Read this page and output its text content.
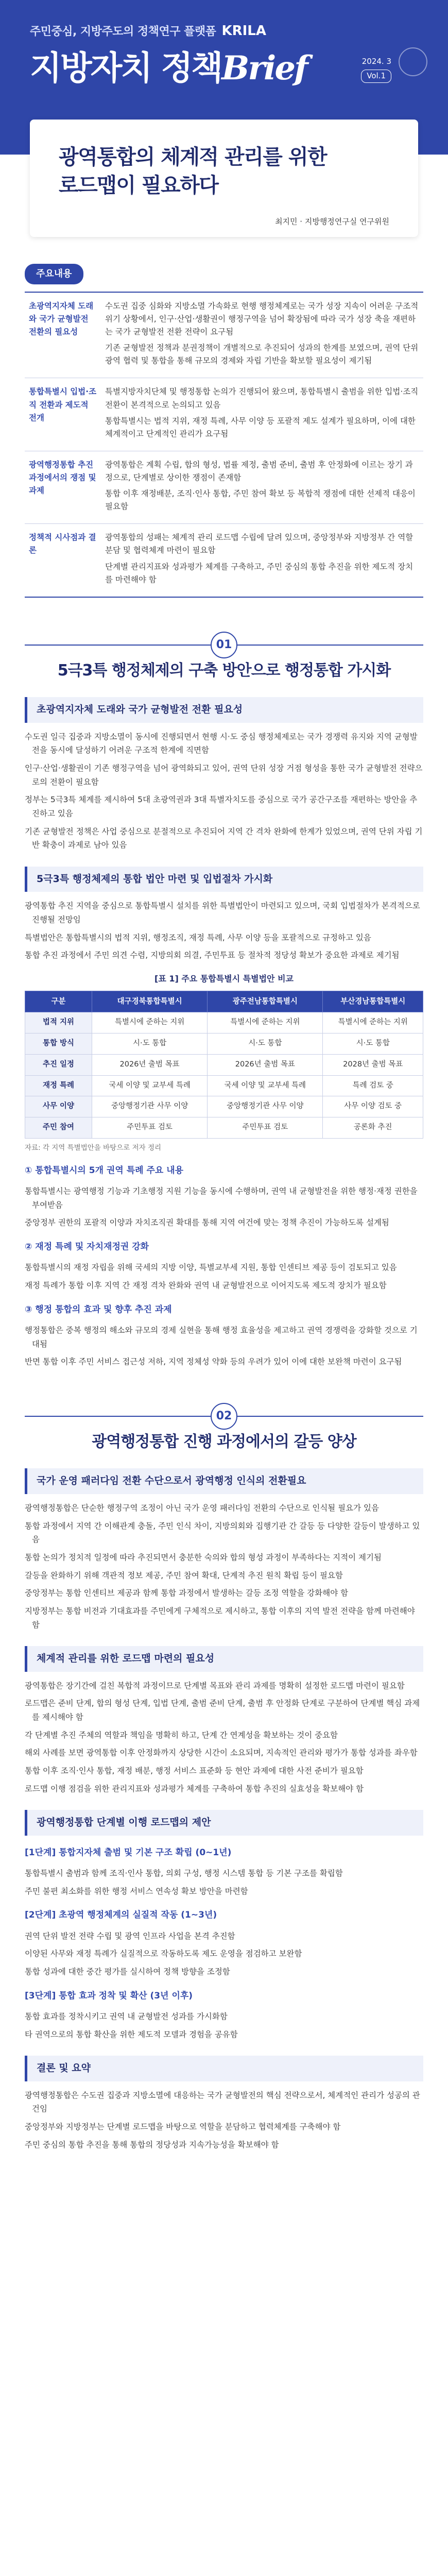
주민중심, 지방주도의 정책연구 플랫폼 KRILA
지방자치 정책Brief	2024. 3
Vol.1
광역통합의 체계적 관리를 위한
로드맵이 필요하다
최지민 · 지방행정연구실 연구위원
주요내용
초광역지자체 도래와 국가 균형발전 전환의 필요성	수도권 집중 심화와 지방소멸 가속화로 현행 행정체계로는 국가 성장 지속이 어려운 구조적 위기 상황에서, 인구·산업·생활권이 행정구역을 넘어 확장됨에 따라 국가 성장 축을 재편하는 국가 균형발전 전환 전략이 요구됨

기존 균형발전 정책과 분권정책이 개별적으로 추진되어 성과의 한계를 보였으며, 권역 단위 광역 협력 및 통합을 통해 규모의 경제와 자립 기반을 확보할 필요성이 제기됨

통합특별시 입법·조직 전환과 제도적 전개	특별지방자치단체 및 행정통합 논의가 진행되어 왔으며, 통합특별시 출범을 위한 입법·조직 전환이 본격적으로 논의되고 있음

통합특별시는 법적 지위, 재정 특례, 사무 이양 등 포괄적 제도 설계가 필요하며, 이에 대한 체계적이고 단계적인 관리가 요구됨

광역행정통합 추진 과정에서의 쟁점 및 과제	광역통합은 계획 수립, 합의 형성, 법률 제정, 출범 준비, 출범 후 안정화에 이르는 장기 과정으로, 단계별로 상이한 쟁점이 존재함

통합 이후 재정배분, 조직·인사 통합, 주민 참여 확보 등 복합적 쟁점에 대한 선제적 대응이 필요함

정책적 시사점과 결론	광역통합의 성패는 체계적 관리 로드맵 수립에 달려 있으며, 중앙정부와 지방정부 간 역할 분담 및 협력체계 마련이 필요함

단계별 관리지표와 성과평가 체계를 구축하고, 주민 중심의 통합 추진을 위한 제도적 장치를 마련해야 함

01
5극3특 행정체제의 구축 방안으로 행정통합 가시화
초광역지자체 도래와 국가 균형발전 전환 필요성

수도권 일극 집중과 지방소멸이 동시에 진행되면서 현행 시·도 중심 행정체제로는 국가 경쟁력 유지와 지역 균형발전을 동시에 달성하기 어려운 구조적 한계에 직면함

인구·산업·생활권이 기존 행정구역을 넘어 광역화되고 있어, 권역 단위 성장 거점 형성을 통한 국가 균형발전 전략으로의 전환이 필요함

정부는 5극3특 체계를 제시하여 5대 초광역권과 3대 특별자치도를 중심으로 국가 공간구조를 재편하는 방안을 추진하고 있음

기존 균형발전 정책은 사업 중심으로 분절적으로 추진되어 지역 간 격차 완화에 한계가 있었으며, 권역 단위 자립 기반 확충이 과제로 남아 있음

5극3특 행정체제의 통합 법안 마련 및 입법절차 가시화

광역통합 추진 지역을 중심으로 통합특별시 설치를 위한 특별법안이 마련되고 있으며, 국회 입법절차가 본격적으로 진행될 전망임

특별법안은 통합특별시의 법적 지위, 행정조직, 재정 특례, 사무 이양 등을 포괄적으로 규정하고 있음

통합 추진 과정에서 주민 의견 수렴, 지방의회 의결, 주민투표 등 절차적 정당성 확보가 중요한 과제로 제기됨

[표 1] 주요 통합특별시 특별법안 비교
구분	대구경북통합특별시	광주전남통합특별시	부산경남통합특별시
법적 지위	특별시에 준하는 지위	특별시에 준하는 지위	특별시에 준하는 지위
통합 방식	시·도 통합	시·도 통합	시·도 통합
추진 일정	2026년 출범 목표	2026년 출범 목표	2028년 출범 목표
재정 특례	국세 이양 및 교부세 특례	국세 이양 및 교부세 특례	특례 검토 중
사무 이양	중앙행정기관 사무 이양	중앙행정기관 사무 이양	사무 이양 검토 중
주민 참여	주민투표 검토	주민투표 검토	공론화 추진
자료: 각 지역 특별법안을 바탕으로 저자 정리
① 통합특별시의 5개 권역 특례 주요 내용

통합특별시는 광역행정 기능과 기초행정 지원 기능을 동시에 수행하며, 권역 내 균형발전을 위한 행정·재정 권한을 부여받음

중앙정부 권한의 포괄적 이양과 자치조직권 확대를 통해 지역 여건에 맞는 정책 추진이 가능하도록 설계됨

② 재정 특례 및 자치재정권 강화

통합특별시의 재정 자립을 위해 국세의 지방 이양, 특별교부세 지원, 통합 인센티브 제공 등이 검토되고 있음

재정 특례가 통합 이후 지역 간 재정 격차 완화와 권역 내 균형발전으로 이어지도록 제도적 장치가 필요함

③ 행정 통합의 효과 및 향후 추진 과제

행정통합은 중복 행정의 해소와 규모의 경제 실현을 통해 행정 효율성을 제고하고 권역 경쟁력을 강화할 것으로 기대됨

반면 통합 이후 주민 서비스 접근성 저하, 지역 정체성 약화 등의 우려가 있어 이에 대한 보완책 마련이 요구됨

02
광역행정통합 진행 과정에서의 갈등 양상
국가 운영 패러다임 전환 수단으로서 광역행정 인식의 전환필요

광역행정통합은 단순한 행정구역 조정이 아닌 국가 운영 패러다임 전환의 수단으로 인식될 필요가 있음

통합 과정에서 지역 간 이해관계 충돌, 주민 인식 차이, 지방의회와 집행기관 간 갈등 등 다양한 갈등이 발생하고 있음

통합 논의가 정치적 일정에 따라 추진되면서 충분한 숙의와 합의 형성 과정이 부족하다는 지적이 제기됨

갈등을 완화하기 위해 객관적 정보 제공, 주민 참여 확대, 단계적 추진 원칙 확립 등이 필요함

중앙정부는 통합 인센티브 제공과 함께 통합 과정에서 발생하는 갈등 조정 역할을 강화해야 함

지방정부는 통합 비전과 기대효과를 주민에게 구체적으로 제시하고, 통합 이후의 지역 발전 전략을 함께 마련해야 함

체계적 관리를 위한 로드맵 마련의 필요성

광역통합은 장기간에 걸친 복합적 과정이므로 단계별 목표와 관리 과제를 명확히 설정한 로드맵 마련이 필요함

로드맵은 준비 단계, 합의 형성 단계, 입법 단계, 출범 준비 단계, 출범 후 안정화 단계로 구분하여 단계별 핵심 과제를 제시해야 함

각 단계별 추진 주체의 역할과 책임을 명확히 하고, 단계 간 연계성을 확보하는 것이 중요함

해외 사례를 보면 광역통합 이후 안정화까지 상당한 시간이 소요되며, 지속적인 관리와 평가가 통합 성과를 좌우함

통합 이후 조직·인사 통합, 재정 배분, 행정 서비스 표준화 등 현안 과제에 대한 사전 준비가 필요함

로드맵 이행 점검을 위한 관리지표와 성과평가 체계를 구축하여 통합 추진의 실효성을 확보해야 함

광역행정통합 단계별 이행 로드맵의 제안
[1단계] 통합지자체 출범 및 기본 구조 확립 (0~1년)

통합특별시 출범과 함께 조직·인사 통합, 의회 구성, 행정 시스템 통합 등 기본 구조를 확립함

주민 불편 최소화를 위한 행정 서비스 연속성 확보 방안을 마련함

[2단계] 초광역 행정체계의 실질적 작동 (1~3년)

권역 단위 발전 전략 수립 및 광역 인프라 사업을 본격 추진함

이양된 사무와 재정 특례가 실질적으로 작동하도록 제도 운영을 점검하고 보완함

통합 성과에 대한 중간 평가를 실시하여 정책 방향을 조정함

[3단계] 통합 효과 정착 및 확산 (3년 이후)

통합 효과를 정착시키고 권역 내 균형발전 성과를 가시화함

타 권역으로의 통합 확산을 위한 제도적 모델과 경험을 공유함

결론 및 요약

광역행정통합은 수도권 집중과 지방소멸에 대응하는 국가 균형발전의 핵심 전략으로서, 체계적인 관리가 성공의 관건임

중앙정부와 지방정부는 단계별 로드맵을 바탕으로 역할을 분담하고 협력체계를 구축해야 함

주민 중심의 통합 추진을 통해 통합의 정당성과 지속가능성을 확보해야 함
